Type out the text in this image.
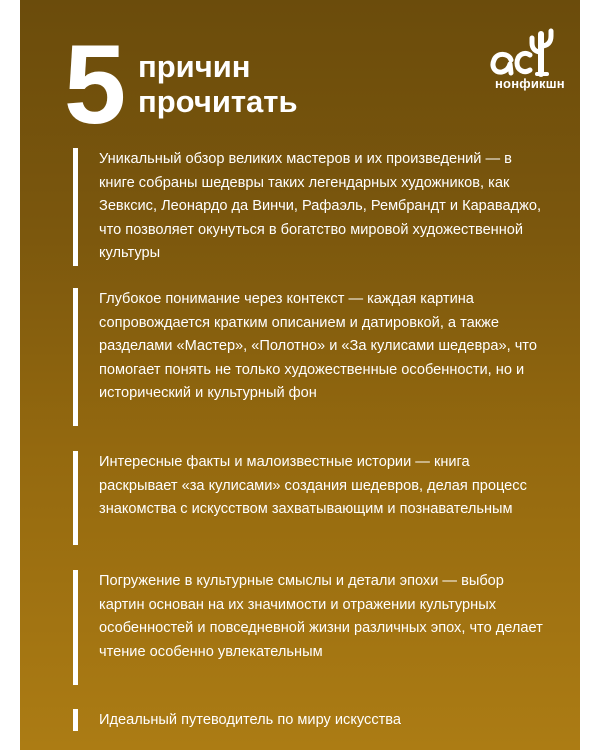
5 причин
прочитать
нонфикшн

Уникальный обзор великих мастеров и их произведений — в книге собраны шедевры таких легендарных художников, как Зевксис, Леонардо да Винчи, Рафаэль, Рембрандт и Караваджо, что позволяет окунуться в богатство мировой художественной культуры

Глубокое понимание через контекст — каждая картина сопровождается кратким описанием и датировкой, а также разделами «Мастер», «Полотно» и «За кулисами шедевра», что помогает понять не только художественные особенности, но и исторический и культурный фон

Интересные факты и малоизвестные истории — книга раскрывает «за кулисами» создания шедевров, делая процесс знакомства с искусством захватывающим и познавательным

Погружение в культурные смыслы и детали эпохи — выбор картин основан на их значимости и отражении культурных особенностей и повседневной жизни различных эпох, что делает чтение особенно увлекательным

Идеальный путеводитель по миру искусства
